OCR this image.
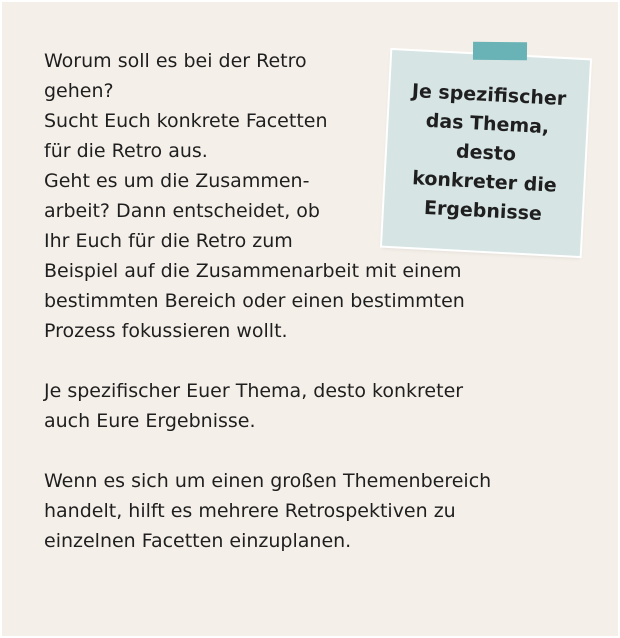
Worum soll es bei der Retro
gehen?
Sucht Euch konkrete Facetten
für die Retro aus.
Geht es um die Zusammen-
arbeit? Dann entscheidet, ob
Ihr Euch für die Retro zum
Beispiel auf die Zusammenarbeit mit einem
bestimmten Bereich oder einen bestimmten
Prozess fokussieren wollt.
Je spezifischer Euer Thema, desto konkreter
auch Eure Ergebnisse.
Wenn es sich um einen großen Themenbereich
handelt, hilft es mehrere Retrospektiven zu
einzelnen Facetten einzuplanen.
Je spezifischer
das Thema,
desto
konkreter die
Ergebnisse
